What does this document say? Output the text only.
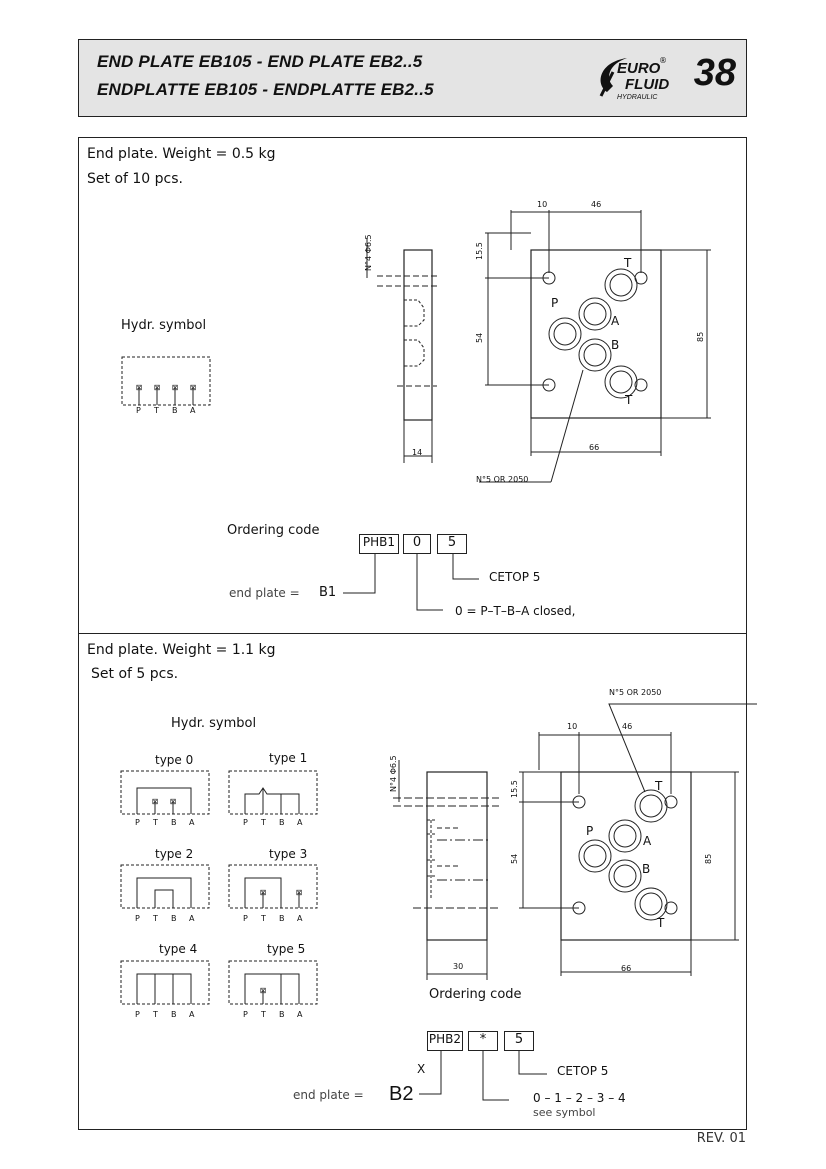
END PLATE EB105 - END PLATE EB2..5
ENDPLATTE EB105 - ENDPLATTE EB2..5
EURO
®
FLUID
HYDRAULIC
38
End plate. Weight = 0.5 kg
Set of 10 pcs.
Hydr. symbol
⊠ ⊠ ⊠ ⊠
P T B A
N°4 Φ6.5
14
10	46
15.5
54	85
66
N°5 OR 2050
P
A
B
T
T
Ordering code
PHB1	0	5
CETOP 5
end plate = B1
0 = P–T–B–A closed,
End plate. Weight = 1.1 kg
Set of 5 pcs.
Hydr. symbol
⊠ ⊠
⊠	⊠
⊠
type 0	type 1
type 2	type 3
type 4	type 5
P T B A	P T B A
P T B A	P T B A
P T B A	P T B A
N°4 Φ6.5
30
N°5 OR 2050
10	46
15.5
54	85
66
P
A
B
T
T
Ordering code
PHB2	*	5
X	CETOP 5
end plate = B2	0 – 1 – 2 – 3 – 4
see symbol
REV. 01
